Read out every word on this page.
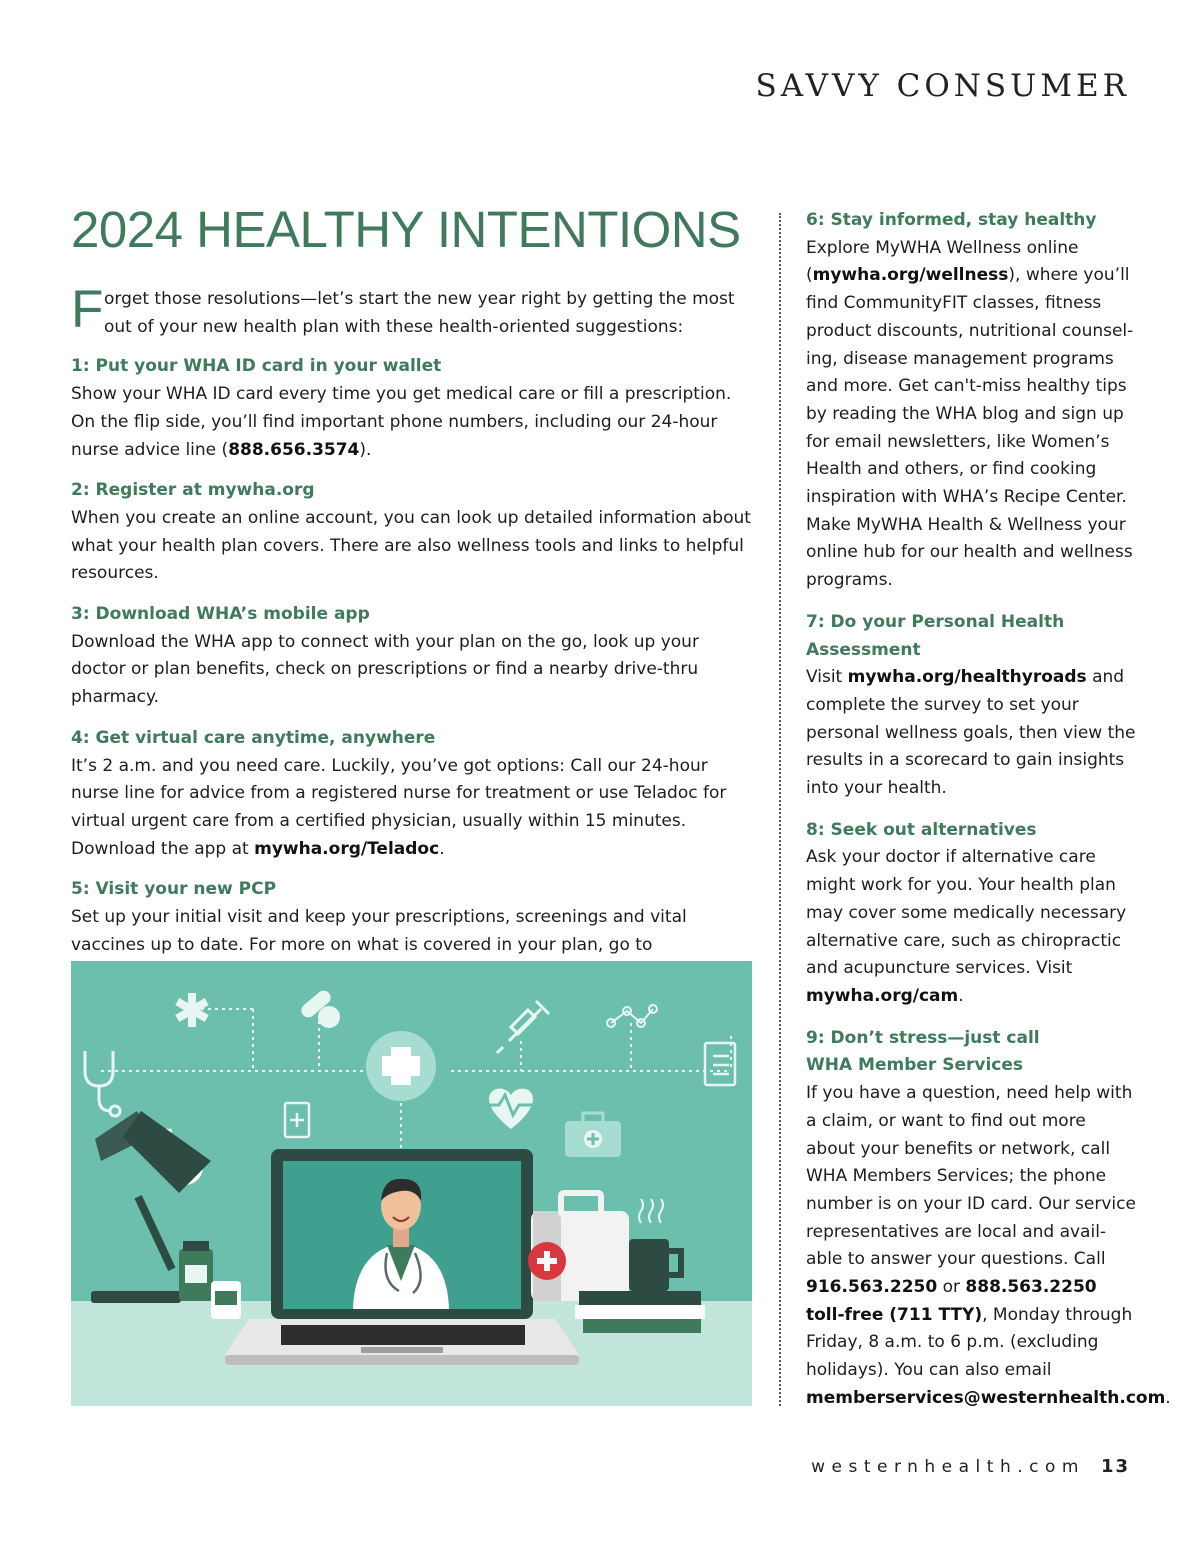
SAVVY CONSUMER
2024 HEALTHY INTENTIONS

F orget those resolutions—let’s start the new year right by getting the most out of your new health plan with these health-oriented suggestions:

1: Put your WHA ID card in your wallet

Show your WHA ID card every time you get medical care or fill a prescription. On the flip side, you’ll find important phone numbers, including our 24-hour nurse advice line (888.656.3574).

2: Register at mywha.org

When you create an online account, you can look up detailed information about what your health plan covers. There are also wellness tools and links to helpful resources.

3: Download WHA’s mobile app

Download the WHA app to connect with your plan on the go, look up your doctor or plan benefits, check on prescriptions or find a nearby drive-thru pharmacy.

4: Get virtual care anytime, anywhere

It’s 2 a.m. and you need care. Luckily, you’ve got options: Call our 24-hour nurse line for advice from a registered nurse for treatment or use Teladoc for virtual urgent care from a certified physician, usually within 15 minutes. Download the app at mywha.org/Teladoc.

5: Visit your new PCP

Set up your initial visit and keep your prescriptions, screenings and vital vaccines up to date. For more on what is covered in your plan, go to

6: Stay informed, stay healthy

Explore MyWHA Wellness online (mywha.org/wellness), where you’ll find CommunityFIT classes, fitness product discounts, nutritional counsel-ing, disease management programs and more. Get can't-miss healthy tips by reading the WHA blog and sign up for email newsletters, like Women’s Health and others, or find cooking inspiration with WHA’s Recipe Center. Make MyWHA Health & Wellness your online hub for our health and wellness programs.

7: Do your Personal Health Assessment

Visit mywha.org/healthyroads and complete the survey to set your personal wellness goals, then view the results in a scorecard to gain insights into your health.

8: Seek out alternatives

Ask your doctor if alternative care might work for you. Your health plan may cover some medically necessary alternative care, such as chiropractic and acupuncture services. Visit mywha.org/cam.

9: Don’t stress—just call
WHA Member Services

If you have a question, need help with a claim, or want to find out more about your benefits or network, call WHA Members Services; the phone number is on your ID card. Our service representatives are local and avail-able to answer your questions. Call 916.563.2250 or 888.563.2250 toll-free (711 TTY), Monday through Friday, 8 a.m. to 6 p.m. (excluding holidays). You can also email memberservices@westernhealth.com.

westernhealth.com 13
